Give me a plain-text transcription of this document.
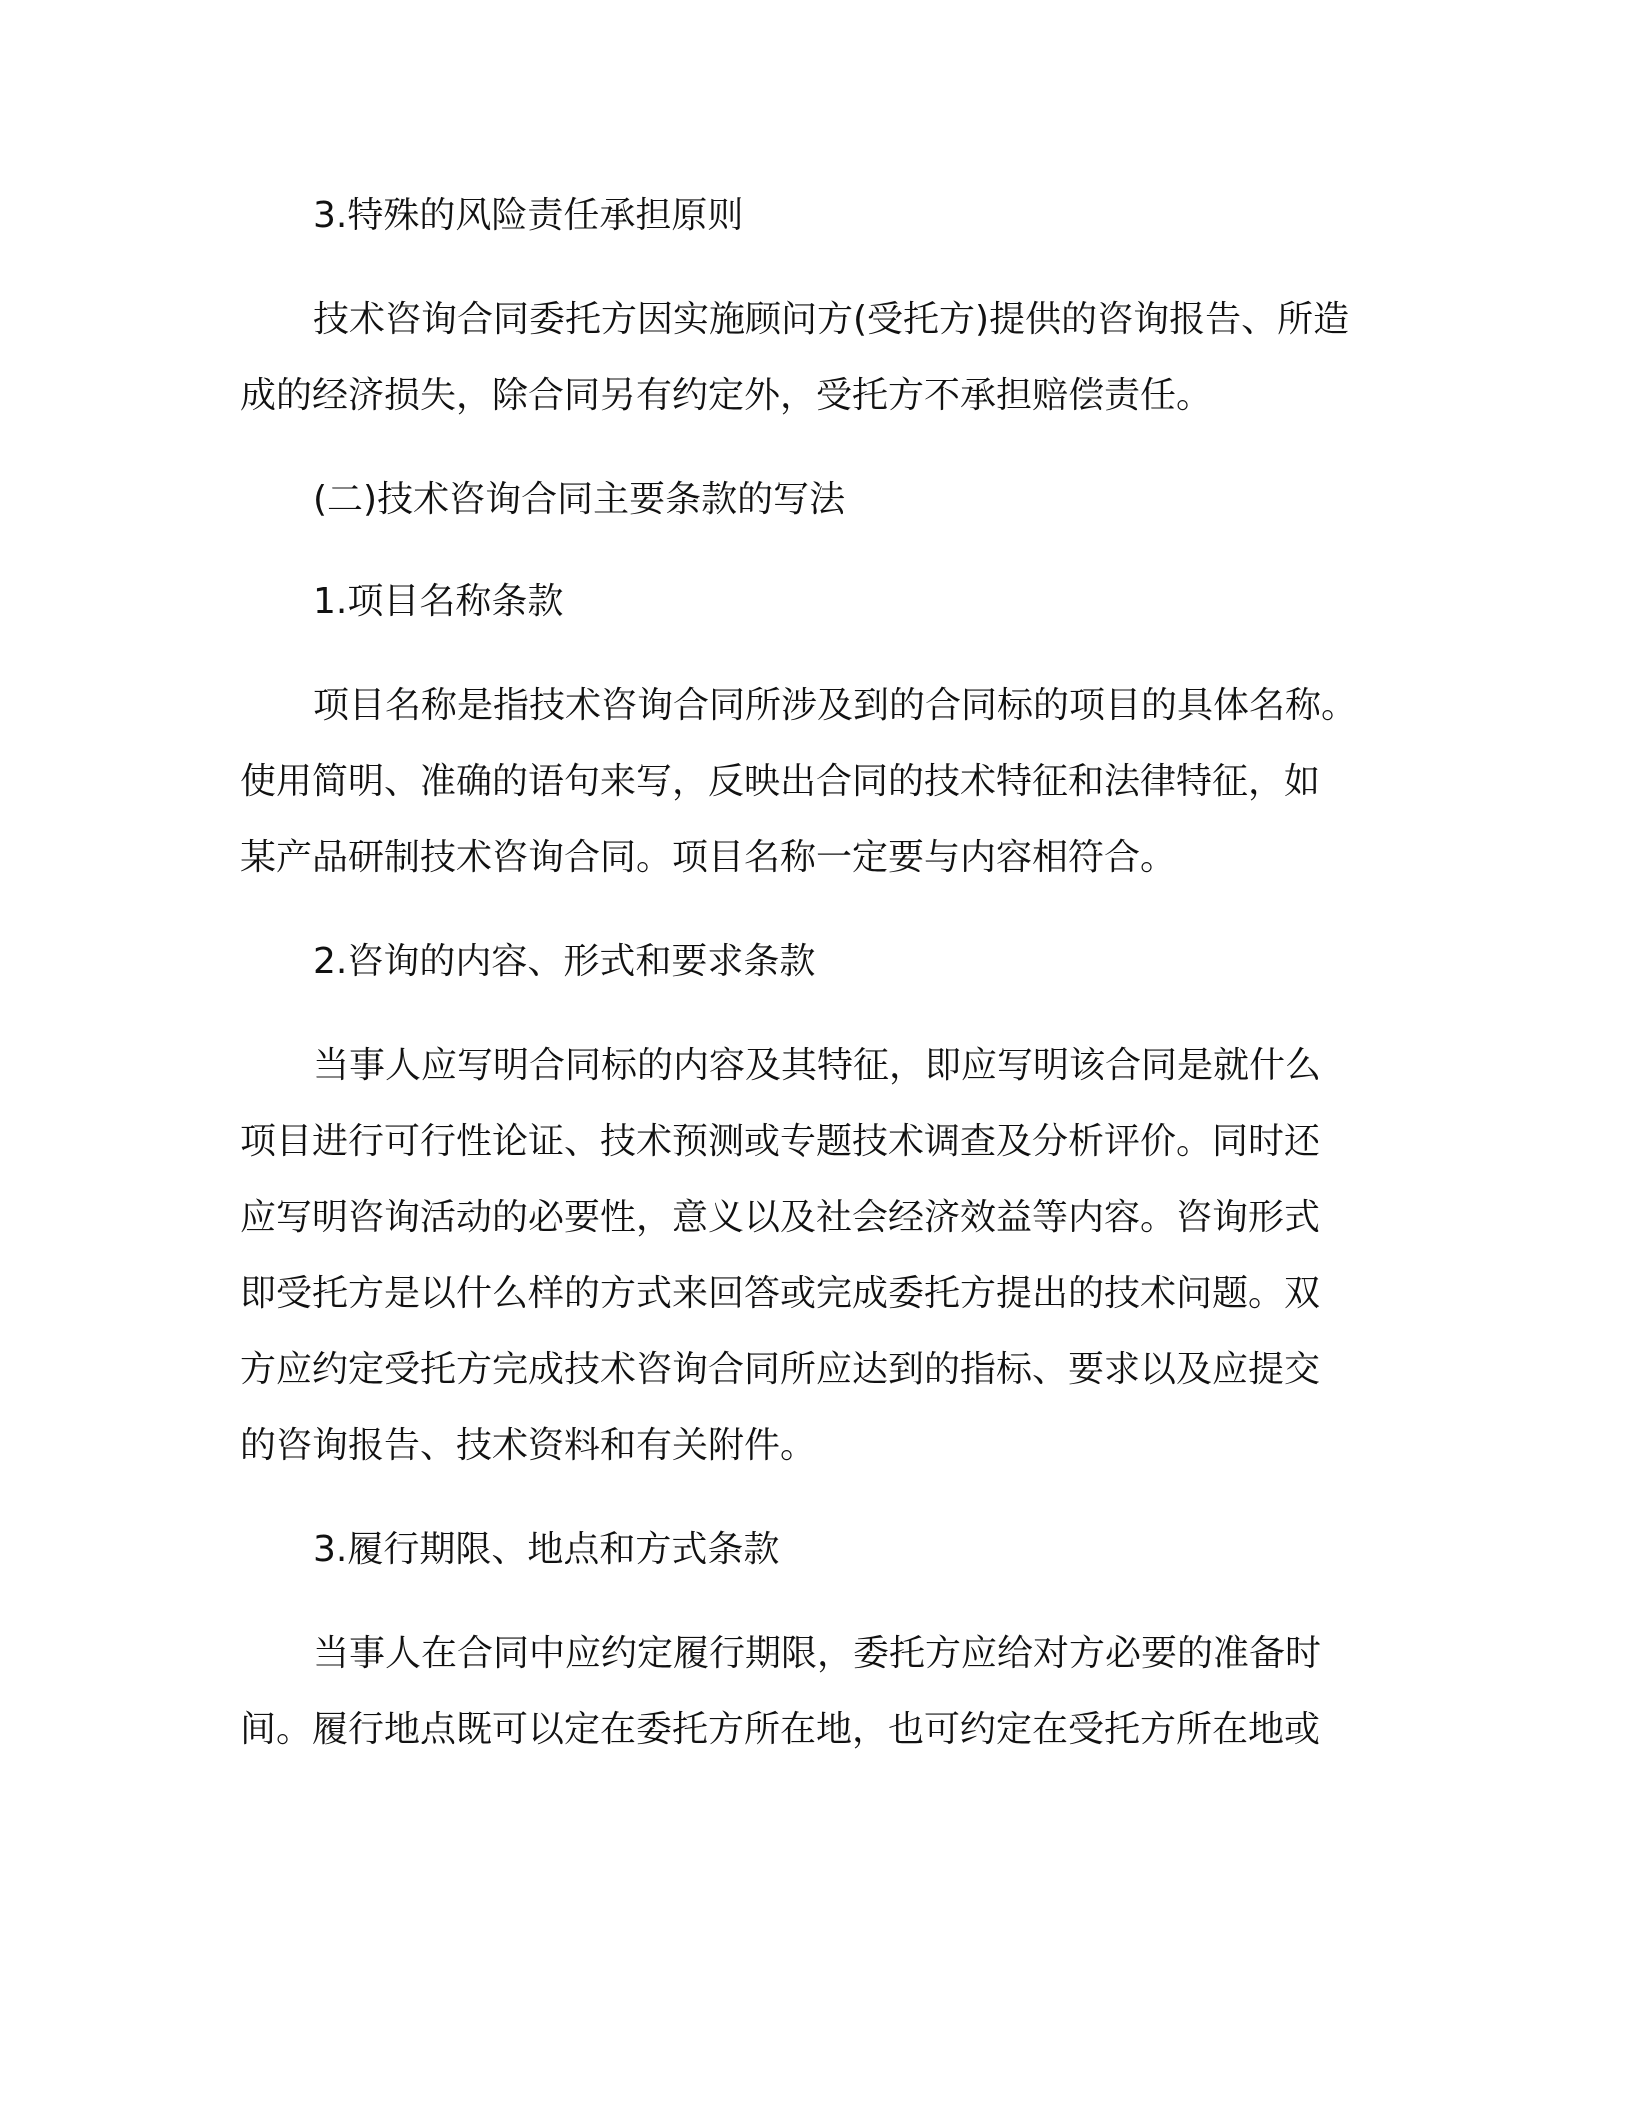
3.特殊的风险责任承担原则

技术咨询合同委托方因实施顾问方(受托方)提供的咨询报告、所造

成的经济损失，除合同另有约定外，受托方不承担赔偿责任。

(二)技术咨询合同主要条款的写法

1.项目名称条款

项目名称是指技术咨询合同所涉及到的合同标的项目的具体名称。

使用简明、准确的语句来写，反映出合同的技术特征和法律特征，如

某产品研制技术咨询合同。项目名称一定要与内容相符合。

2.咨询的内容、形式和要求条款

当事人应写明合同标的内容及其特征，即应写明该合同是就什么

项目进行可行性论证、技术预测或专题技术调查及分析评价。同时还

应写明咨询活动的必要性，意义以及社会经济效益等内容。咨询形式

即受托方是以什么样的方式来回答或完成委托方提出的技术问题。双

方应约定受托方完成技术咨询合同所应达到的指标、要求以及应提交

的咨询报告、技术资料和有关附件。

3.履行期限、地点和方式条款

当事人在合同中应约定履行期限，委托方应给对方必要的准备时

间。履行地点既可以定在委托方所在地，也可约定在受托方所在地或
